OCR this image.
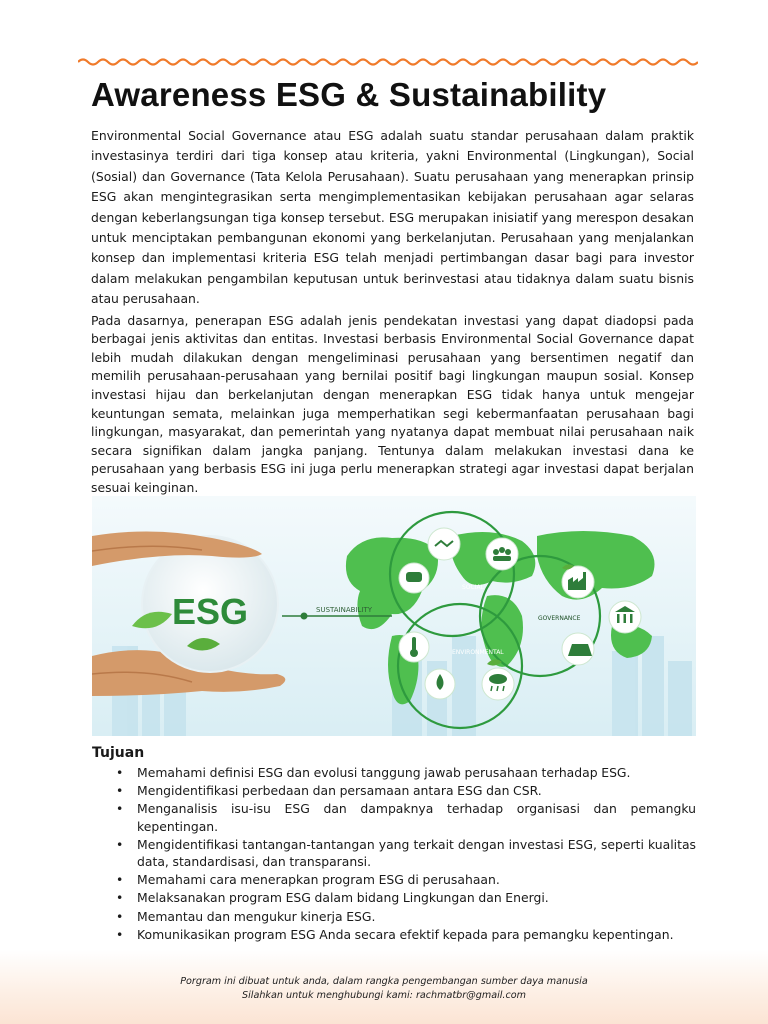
Awareness ESG & Sustainability

Environmental Social Governance atau ESG adalah suatu standar perusahaan dalam praktik investasinya terdiri dari tiga konsep atau kriteria, yakni Environmental (Lingkungan), Social (Sosial) dan Governance (Tata Kelola Perusahaan). Suatu perusahaan yang menerapkan prinsip ESG akan mengintegrasikan serta mengimplementasikan kebijakan perusahaan agar selaras dengan keberlangsungan tiga konsep tersebut. ESG merupakan inisiatif yang merespon desakan untuk menciptakan pembangunan ekonomi yang berkelanjutan. Perusahaan yang menjalankan konsep dan implementasi kriteria ESG telah menjadi pertimbangan dasar bagi para investor dalam melakukan pengambilan keputusan untuk berinvestasi atau tidaknya dalam suatu bisnis atau perusahaan.

Pada dasarnya, penerapan ESG adalah jenis pendekatan investasi yang dapat diadopsi pada berbagai jenis aktivitas dan entitas. Investasi berbasis Environmental Social Governance dapat lebih mudah dilakukan dengan mengeliminasi perusahaan yang bersentimen negatif dan memilih perusahaan-perusahaan yang bernilai positif bagi lingkungan maupun sosial. Konsep investasi hijau dan berkelanjutan dengan menerapkan ESG tidak hanya untuk mengejar keuntungan semata, melainkan juga memperhatikan segi kebermanfaatan perusahaan bagi lingkungan, masyarakat, dan pemerintah yang nyatanya dapat membuat nilai perusahaan naik secara signifikan dalam jangka panjang. Tentunya dalam melakukan investasi dana ke perusahaan yang berbasis ESG ini juga perlu menerapkan strategi agar investasi dapat berjalan sesuai keinginan.

ESG	SUSTAINABILITY
SOCIAL
GOVERNANCE
ENVIRONMENTAL
Tujuan
• Memahami definisi ESG dan evolusi tanggung jawab perusahaan terhadap ESG.
• Mengidentifikasi perbedaan dan persamaan antara ESG dan CSR.
• Menganalisis isu-isu ESG dan dampaknya terhadap organisasi dan pemangku kepentingan.
• Mengidentifikasi tantangan-tantangan yang terkait dengan investasi ESG, seperti kualitas data, standardisasi, dan transparansi.
• Memahami cara menerapkan program ESG di perusahaan.
• Melaksanakan program ESG dalam bidang Lingkungan dan Energi.
• Memantau dan mengukur kinerja ESG.
• Komunikasikan program ESG Anda secara efektif kepada para pemangku kepentingan.
Porgram ini dibuat untuk anda, dalam rangka pengembangan sumber daya manusia
Silahkan untuk menghubungi kami: rachmatbr@gmail.com
